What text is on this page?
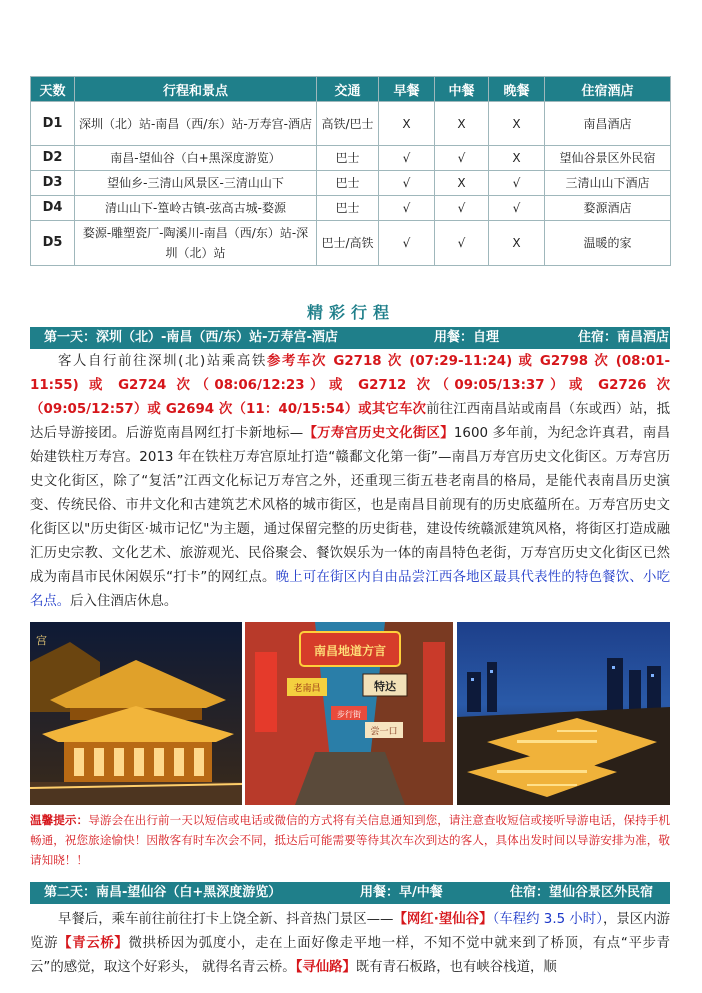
天数	行程和景点	交通	早餐	中餐	晚餐	住宿酒店
D1	深圳（北）站-南昌（西/东）站-万寿宫-酒店	高铁/巴士	X	X	X	南昌酒店
D2	南昌-望仙谷（白+黑深度游览）	巴士	√	√	X	望仙谷景区外民宿
D3	望仙乡-三清山风景区-三清山山下	巴士	√	X	√	三清山山下酒店
D4	清山山下-篁岭古镇-弦高古城-婺源	巴士	√	√	√	婺源酒店
D5	婺源-雕塑瓷厂-陶溪川-南昌（西/东）站-深圳（北）站	巴士/高铁	√	√	X	温暖的家
精彩行程
第一天：深圳（北）-南昌（西/东）站-万寿宫-酒店	用餐：自理	住宿：南昌酒店

客人自行前往深圳(北)站乘高铁参考车次 G2718 次 (07:29-11:24) 或 G2798 次 (08:01-11:55) 或 G2724 次（08:06/12:23）或 G2712 次（09:05/13:37）或 G2726 次（09:05/12:57）或 G2694 次（11：40/15:54）或其它车次前往江西南昌站或南昌（东或西）站，抵达后导游接团。后游览南昌网红打卡新地标—【万寿宫历史文化街区】1600 多年前，为纪念许真君，南昌始建铁柱万寿宫。2013 年在铁柱万寿宫原址打造“赣鄱文化第一街”—南昌万寿宫历史文化街区。万寿宫历史文化街区，除了“复活”江西文化标记万寿宫之外，还重现三街五巷老南昌的格局，是能代表南昌历史演变、传统民俗、市井文化和古建筑艺术风格的城市街区，也是南昌目前现有的历史底蕴所在。万寿宫历史文化街区以"历史街区·城市记忆"为主题，通过保留完整的历史街巷，建设传统赣派建筑风格，将街区打造成融汇历史宗教、文化艺术、旅游观光、民俗聚会、餐饮娱乐为一体的南昌特色老街，万寿宫历史文化街区已然成为南昌市民休闲娱乐“打卡”的网红点。晚上可在街区内自由品尝江西各地区最具代表性的特色餐饮、小吃名点。后入住酒店休息。

宫
南昌地道方言
特达
老南昌
步行街
尝一口

温馨提示：导游会在出行前一天以短信或电话或微信的方式将有关信息通知到您，请注意查收短信或接听导游电话，保持手机畅通，祝您旅途愉快！因散客有时车次会不同，抵达后可能需要等待其次车次到达的客人，具体出发时间以导游安排为准，敬请知晓！！

第二天：南昌-望仙谷（白+黑深度游览）	用餐：早/中餐	住宿：望仙谷景区外民宿

早餐后，乘车前往前往打卡上饶全新、抖音热门景区——【网红·望仙谷】（车程约 3.5 小时），景区内游览游【青云桥】微拱桥因为弧度小，走在上面好像走平地一样，不知不觉中就来到了桥顶，有点“平步青云”的感觉，取这个好彩头， 就得名青云桥。【寻仙路】既有青石板路，也有峡谷栈道，顺
